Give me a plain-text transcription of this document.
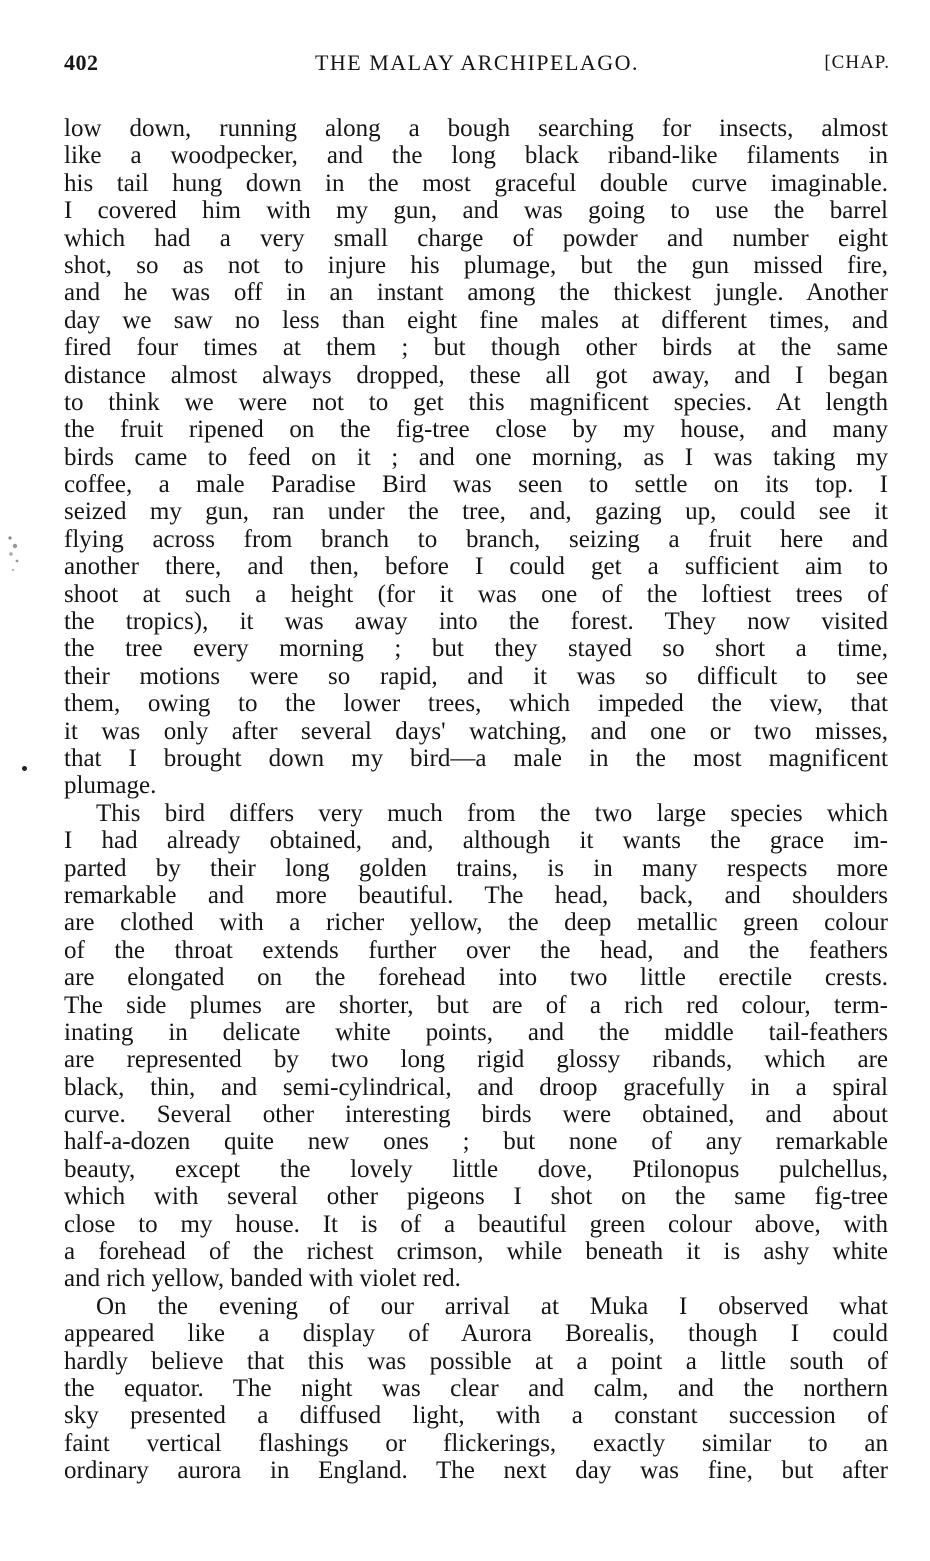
402	THE MALAY ARCHIPELAGO.	[CHAP.
low down, running along a bough searching for insects, almost
like a woodpecker, and the long black riband-like filaments in
his tail hung down in the most graceful double curve imaginable.
I covered him with my gun, and was going to use the barrel
which had a very small charge of powder and number eight
shot, so as not to injure his plumage, but the gun missed fire,
and he was off in an instant among the thickest jungle. Another
day we saw no less than eight fine males at different times, and
fired four times at them ; but though other birds at the same
distance almost always dropped, these all got away, and I began
to think we were not to get this magnificent species. At length
the fruit ripened on the fig-tree close by my house, and many
birds came to feed on it ; and one morning, as I was taking my
coffee, a male Paradise Bird was seen to settle on its top. I
seized my gun, ran under the tree, and, gazing up, could see it
flying across from branch to branch, seizing a fruit here and
another there, and then, before I could get a sufficient aim to
shoot at such a height (for it was one of the loftiest trees of
the tropics), it was away into the forest. They now visited
the tree every morning ; but they stayed so short a time,
their motions were so rapid, and it was so difficult to see
them, owing to the lower trees, which impeded the view, that
it was only after several days' watching, and one or two misses,
that I brought down my bird—a male in the most magnificent
plumage.
This bird differs very much from the two large species which
I had already obtained, and, although it wants the grace im-
parted by their long golden trains, is in many respects more
remarkable and more beautiful. The head, back, and shoulders
are clothed with a richer yellow, the deep metallic green colour
of the throat extends further over the head, and the feathers
are elongated on the forehead into two little erectile crests.
The side plumes are shorter, but are of a rich red colour, term-
inating in delicate white points, and the middle tail-feathers
are represented by two long rigid glossy ribands, which are
black, thin, and semi-cylindrical, and droop gracefully in a spiral
curve. Several other interesting birds were obtained, and about
half-a-dozen quite new ones ; but none of any remarkable
beauty, except the lovely little dove, Ptilonopus pulchellus,
which with several other pigeons I shot on the same fig-tree
close to my house. It is of a beautiful green colour above, with
a forehead of the richest crimson, while beneath it is ashy white
and rich yellow, banded with violet red.
On the evening of our arrival at Muka I observed what
appeared like a display of Aurora Borealis, though I could
hardly believe that this was possible at a point a little south of
the equator. The night was clear and calm, and the northern
sky presented a diffused light, with a constant succession of
faint vertical flashings or flickerings, exactly similar to an
ordinary aurora in England. The next day was fine, but after
